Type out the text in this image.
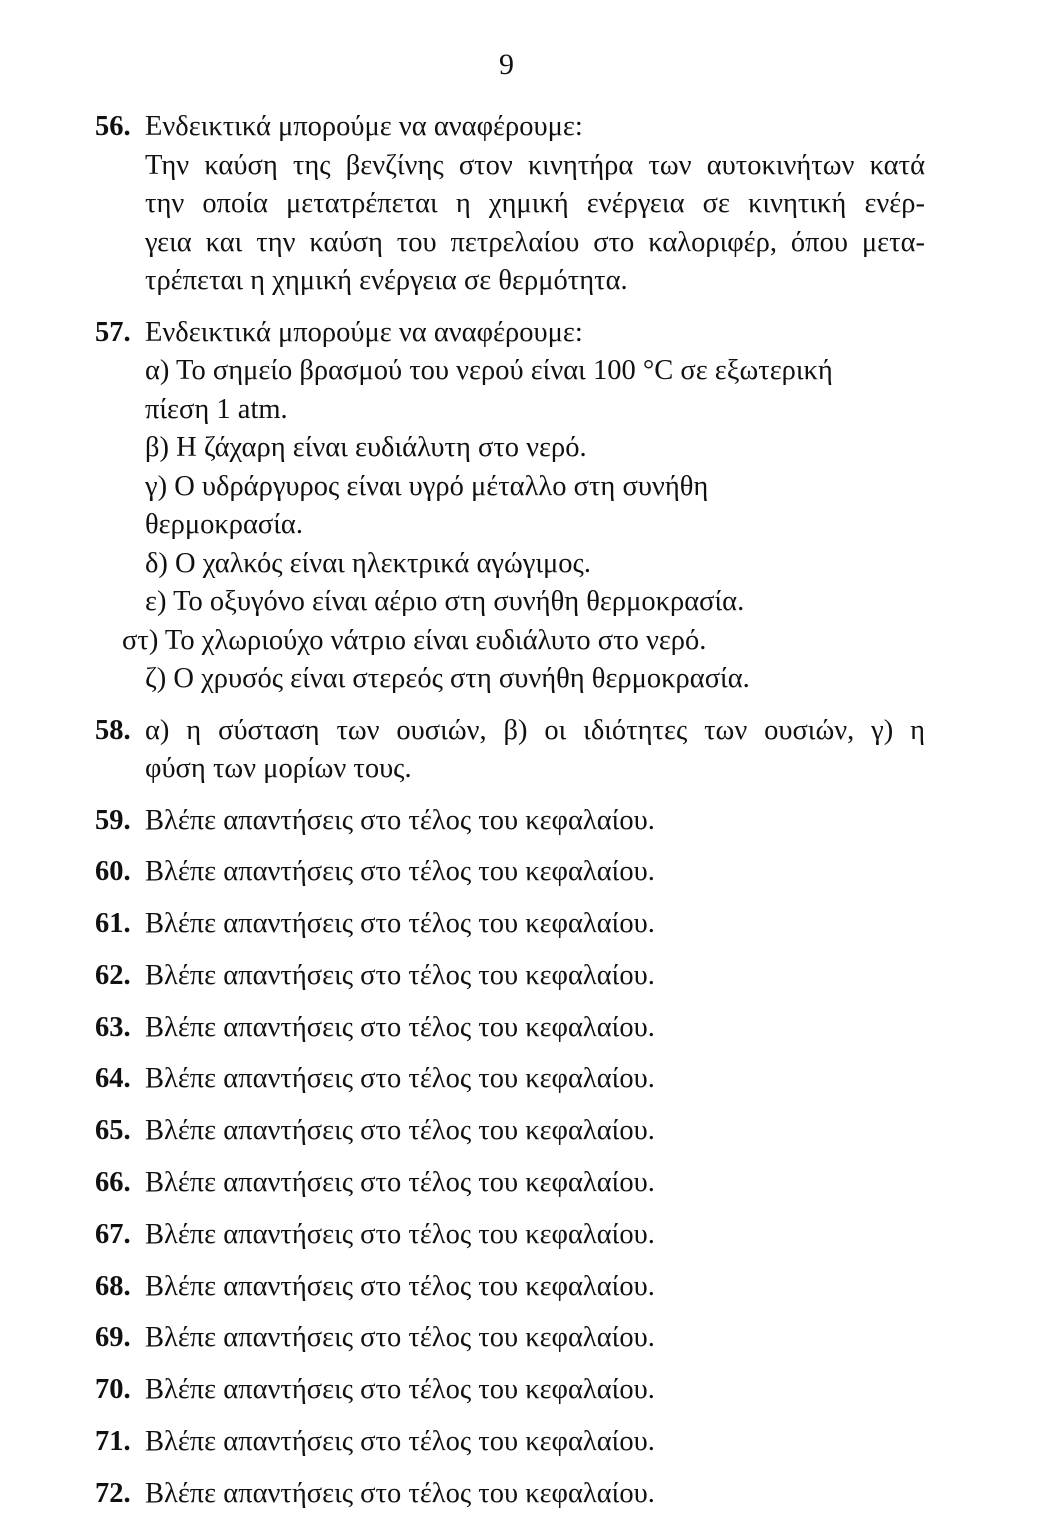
9
56. Ενδεικτικά μπορούμε να αναφέρουμε:
Την καύση της βενζίνης στον κινητήρα των αυτοκινήτων κατά
την οποία μετατρέπεται η χημική ενέργεια σε κινητική ενέρ-
γεια και την καύση του πετρελαίου στο καλοριφέρ, όπου μετα-
τρέπεται η χημική ενέργεια σε θερμότητα.
57. Ενδεικτικά μπορούμε να αναφέρουμε:
α) Το σημείο βρασμού του νερού είναι 100 °C σε εξωτερική
πίεση 1 atm.
β) Η ζάχαρη είναι ευδιάλυτη στο νερό.
γ) Ο υδράργυρος είναι υγρό μέταλλο στη συνήθη
θερμοκρασία.
δ) Ο χαλκός είναι ηλεκτρικά αγώγιμος.
ε) Το οξυγόνο είναι αέριο στη συνήθη θερμοκρασία.
στ) Το χλωριούχο νάτριο είναι ευδιάλυτο στο νερό.
ζ) Ο χρυσός είναι στερεός στη συνήθη θερμοκρασία.
58. α) η σύσταση των ουσιών, β) οι ιδιότητες των ουσιών, γ) η
φύση των μορίων τους.
59. Βλέπε απαντήσεις στο τέλος του κεφαλαίου.
60. Βλέπε απαντήσεις στο τέλος του κεφαλαίου.
61. Βλέπε απαντήσεις στο τέλος του κεφαλαίου.
62. Βλέπε απαντήσεις στο τέλος του κεφαλαίου.
63. Βλέπε απαντήσεις στο τέλος του κεφαλαίου.
64. Βλέπε απαντήσεις στο τέλος του κεφαλαίου.
65. Βλέπε απαντήσεις στο τέλος του κεφαλαίου.
66. Βλέπε απαντήσεις στο τέλος του κεφαλαίου.
67. Βλέπε απαντήσεις στο τέλος του κεφαλαίου.
68. Βλέπε απαντήσεις στο τέλος του κεφαλαίου.
69. Βλέπε απαντήσεις στο τέλος του κεφαλαίου.
70. Βλέπε απαντήσεις στο τέλος του κεφαλαίου.
71. Βλέπε απαντήσεις στο τέλος του κεφαλαίου.
72. Βλέπε απαντήσεις στο τέλος του κεφαλαίου.
